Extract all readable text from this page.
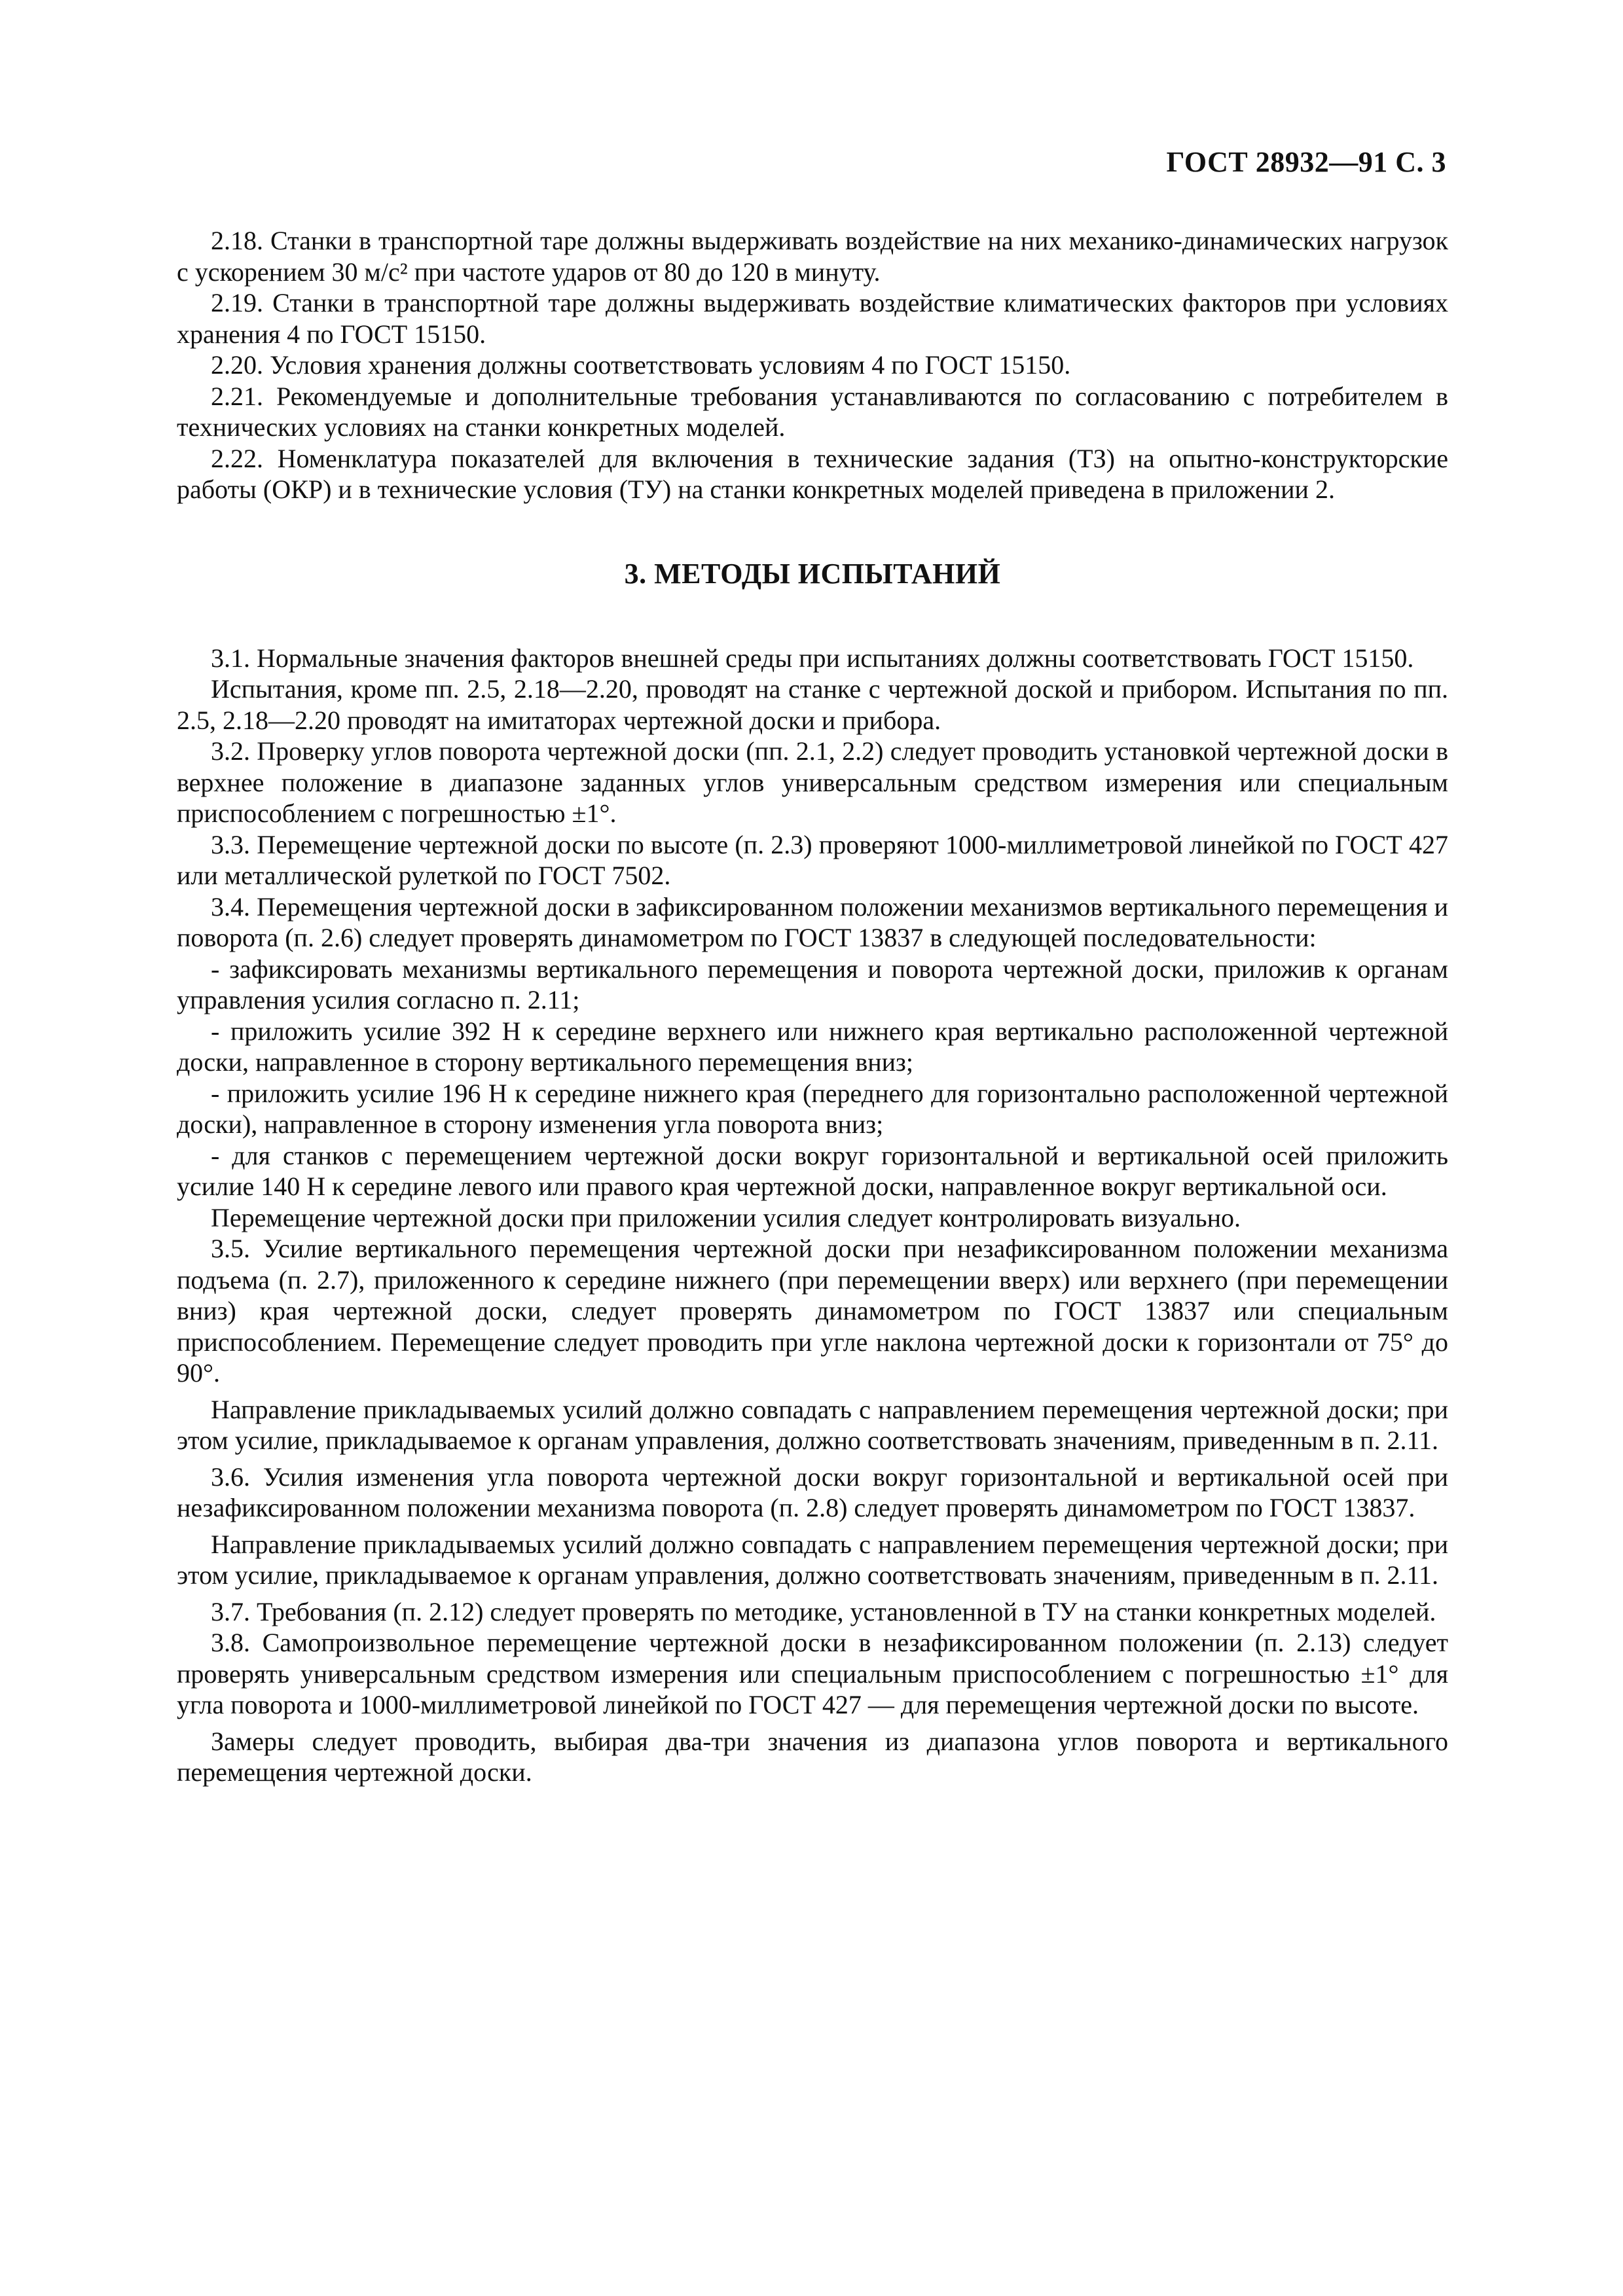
ГОСТ 28932—91 С. 3

2.18. Станки в транспортной таре должны выдерживать воздействие на них механико-динамических нагрузок с ускорением 30 м/с² при частоте ударов от 80 до 120 в минуту.

2.19. Станки в транспортной таре должны выдерживать воздействие климатических факторов при условиях хранения 4 по ГОСТ 15150.

2.20. Условия хранения должны соответствовать условиям 4 по ГОСТ 15150.

2.21. Рекомендуемые и дополнительные требования устанавливаются по согласованию с потребителем в технических условиях на станки конкретных моделей.

2.22. Номенклатура показателей для включения в технические задания (ТЗ) на опытно-конструкторские работы (ОКР) и в технические условия (ТУ) на станки конкретных моделей приведена в приложении 2.

3. МЕТОДЫ ИСПЫТАНИЙ

3.1. Нормальные значения факторов внешней среды при испытаниях должны соответствовать ГОСТ 15150.

Испытания, кроме пп. 2.5, 2.18—2.20, проводят на станке с чертежной доской и прибором. Испытания по пп. 2.5, 2.18—2.20 проводят на имитаторах чертежной доски и прибора.

3.2. Проверку углов поворота чертежной доски (пп. 2.1, 2.2) следует проводить установкой чертежной доски в верхнее положение в диапазоне заданных углов универсальным средством измерения или специальным приспособлением с погрешностью ±1°.

3.3. Перемещение чертежной доски по высоте (п. 2.3) проверяют 1000-миллиметровой линейкой по ГОСТ 427 или металлической рулеткой по ГОСТ 7502.

3.4. Перемещения чертежной доски в зафиксированном положении механизмов вертикального перемещения и поворота (п. 2.6) следует проверять динамометром по ГОСТ 13837 в следующей последовательности:

- зафиксировать механизмы вертикального перемещения и поворота чертежной доски, приложив к органам управления усилия согласно п. 2.11;

- приложить усилие 392 Н к середине верхнего или нижнего края вертикально расположенной чертежной доски, направленное в сторону вертикального перемещения вниз;

- приложить усилие 196 Н к середине нижнего края (переднего для горизонтально расположенной чертежной доски), направленное в сторону изменения угла поворота вниз;

- для станков с перемещением чертежной доски вокруг горизонтальной и вертикальной осей приложить усилие 140 Н к середине левого или правого края чертежной доски, направленное вокруг вертикальной оси.

Перемещение чертежной доски при приложении усилия следует контролировать визуально.

3.5. Усилие вертикального перемещения чертежной доски при незафиксированном положении механизма подъема (п. 2.7), приложенного к середине нижнего (при перемещении вверх) или верхнего (при перемещении вниз) края чертежной доски, следует проверять динамометром по ГОСТ 13837 или специальным приспособлением. Перемещение следует проводить при угле наклона чертежной доски к горизонтали от 75° до 90°.

Направление прикладываемых усилий должно совпадать с направлением перемещения чертежной доски; при этом усилие, прикладываемое к органам управления, должно соответствовать значениям, приведенным в п. 2.11.

3.6. Усилия изменения угла поворота чертежной доски вокруг горизонтальной и вертикальной осей при незафиксированном положении механизма поворота (п. 2.8) следует проверять динамометром по ГОСТ 13837.

Направление прикладываемых усилий должно совпадать с направлением перемещения чертежной доски; при этом усилие, прикладываемое к органам управления, должно соответствовать значениям, приведенным в п. 2.11.

3.7. Требования (п. 2.12) следует проверять по методике, установленной в ТУ на станки конкретных моделей.

3.8. Самопроизвольное перемещение чертежной доски в незафиксированном положении (п. 2.13) следует проверять универсальным средством измерения или специальным приспособлением с погрешностью ±1° для угла поворота и 1000-миллиметровой линейкой по ГОСТ 427 — для перемещения чертежной доски по высоте.

Замеры следует проводить, выбирая два-три значения из диапазона углов поворота и вертикального перемещения чертежной доски.
